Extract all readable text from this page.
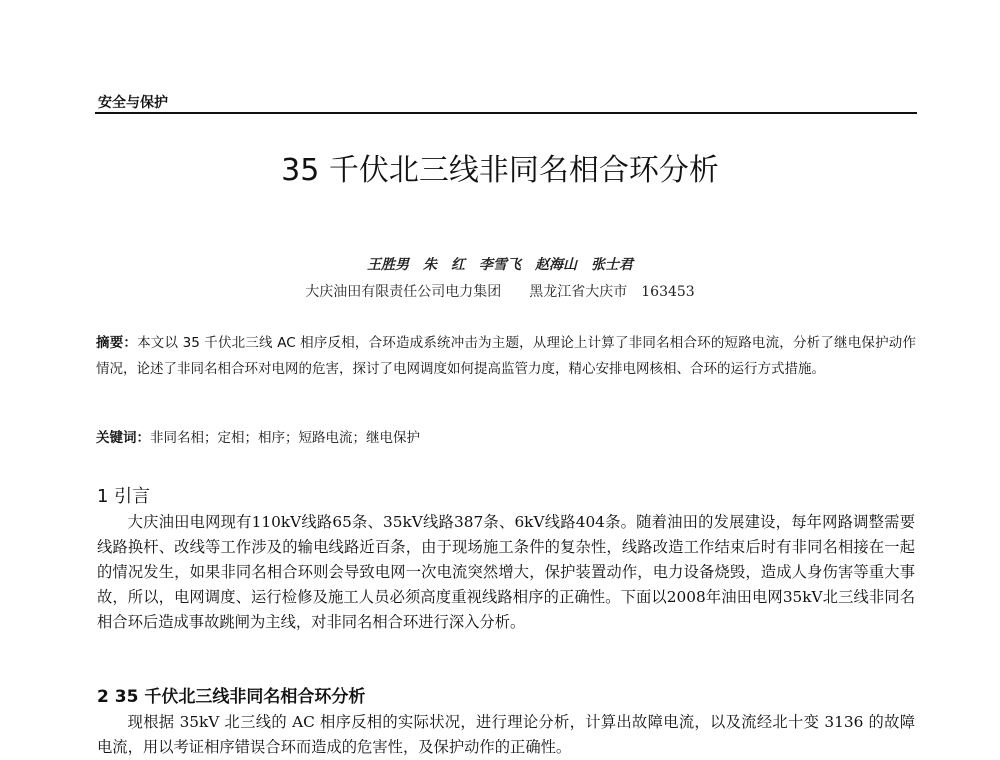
安全与保护
35 千伏北三线非同名相合环分析
王胜男　朱　红　李雪飞　赵海山　张士君
大庆油田有限责任公司电力集团　　黑龙江省大庆市　163453
摘要：本文以 35 千伏北三线 AC 相序反相，合环造成系统冲击为主题，从理论上计算了非同名相合环的短路电流，分析了继电保护动作情况，论述了非同名相合环对电网的危害，探讨了电网调度如何提高监管力度，精心安排电网核相、合环的运行方式措施。
关键词：非同名相；定相；相序；短路电流；继电保护
1 引言
大庆油田电网现有110kV线路65条、35kV线路387条、6kV线路404条。随着油田的发展建设，每年网路调整需要线路换杆、改线等工作涉及的输电线路近百条，由于现场施工条件的复杂性，线路改造工作结束后时有非同名相接在一起的情况发生，如果非同名相合环则会导致电网一次电流突然增大，保护装置动作，电力设备烧毁，造成人身伤害等重大事故，所以，电网调度、运行检修及施工人员必须高度重视线路相序的正确性。下面以2008年油田电网35kV北三线非同名相合环后造成事故跳闸为主线，对非同名相合环进行深入分析。
2 35 千伏北三线非同名相合环分析
现根据 35kV 北三线的 AC 相序反相的实际状况，进行理论分析，计算出故障电流，以及流经北十变 3136 的故障电流，用以考证相序错误合环而造成的危害性，及保护动作的正确性。
